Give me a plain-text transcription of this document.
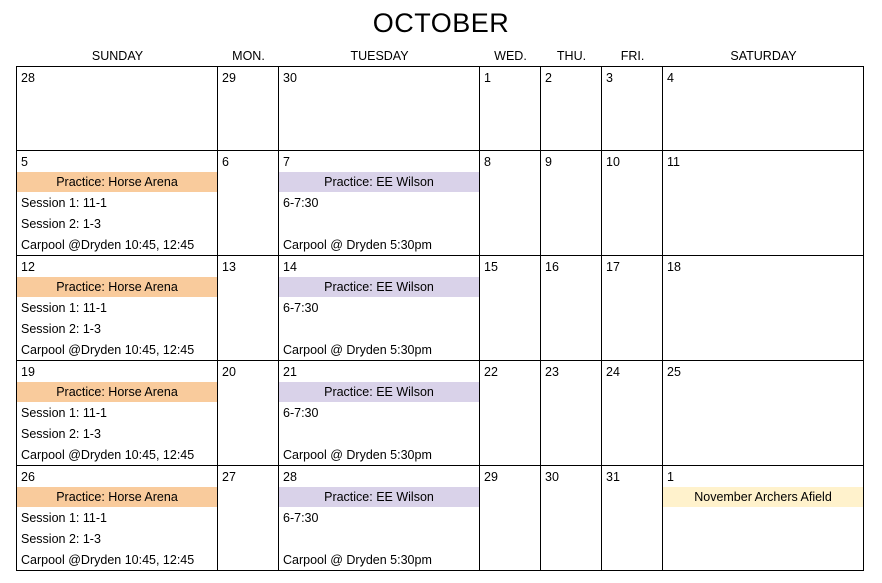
OCTOBER
SUNDAY	MON.	TUESDAY	WED.	THU.	FRI.	SATURDAY
28	29	30	1	2	3	4

5
Practice: Horse Arena
Session 1: 11-1
Session 2: 1-3
Carpool @Dryden 10:45, 12:45	6	7
Practice: EE Wilson
6-7:30
Carpool @ Dryden 5:30pm	8	9	10	11

12
Practice: Horse Arena
Session 1: 11-1
Session 2: 1-3
Carpool @Dryden 10:45, 12:45	13	14
Practice: EE Wilson
6-7:30
Carpool @ Dryden 5:30pm	15	16	17	18

19
Practice: Horse Arena
Session 1: 11-1
Session 2: 1-3
Carpool @Dryden 10:45, 12:45	20	21
Practice: EE Wilson
6-7:30
Carpool @ Dryden 5:30pm	22	23	24	25

26
Practice: Horse Arena
Session 1: 11-1
Session 2: 1-3
Carpool @Dryden 10:45, 12:45	27	28
Practice: EE Wilson
6-7:30
Carpool @ Dryden 5:30pm	29	30	31	1
November Archers Afield
